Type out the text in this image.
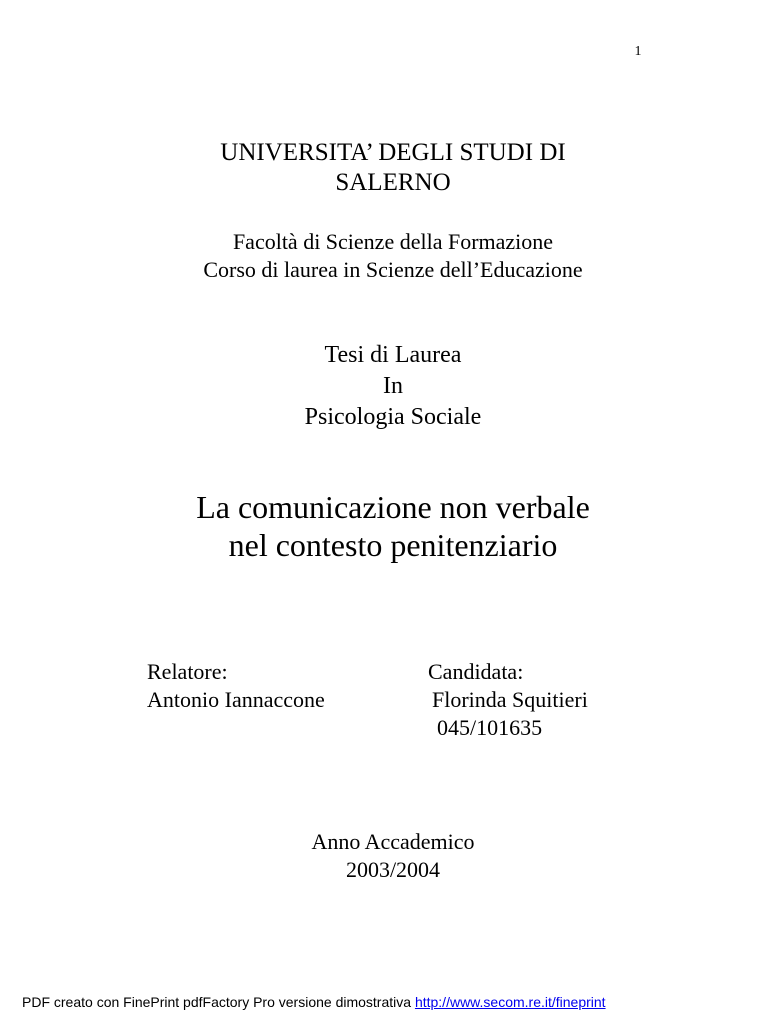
1
UNIVERSITA’ DEGLI STUDI DI
SALERNO
Facoltà di Scienze della Formazione
Corso di laurea in Scienze dell’Educazione
Tesi di Laurea
In
Psicologia Sociale
La comunicazione non verbale
nel contesto penitenziario
Relatore:
Antonio Iannaccone
Candidata:
Florinda Squitieri
045/101635
Anno Accademico
2003/2004
PDF creato con FinePrint pdfFactory Pro versione dimostrativa http://www.secom.re.it/fineprint
